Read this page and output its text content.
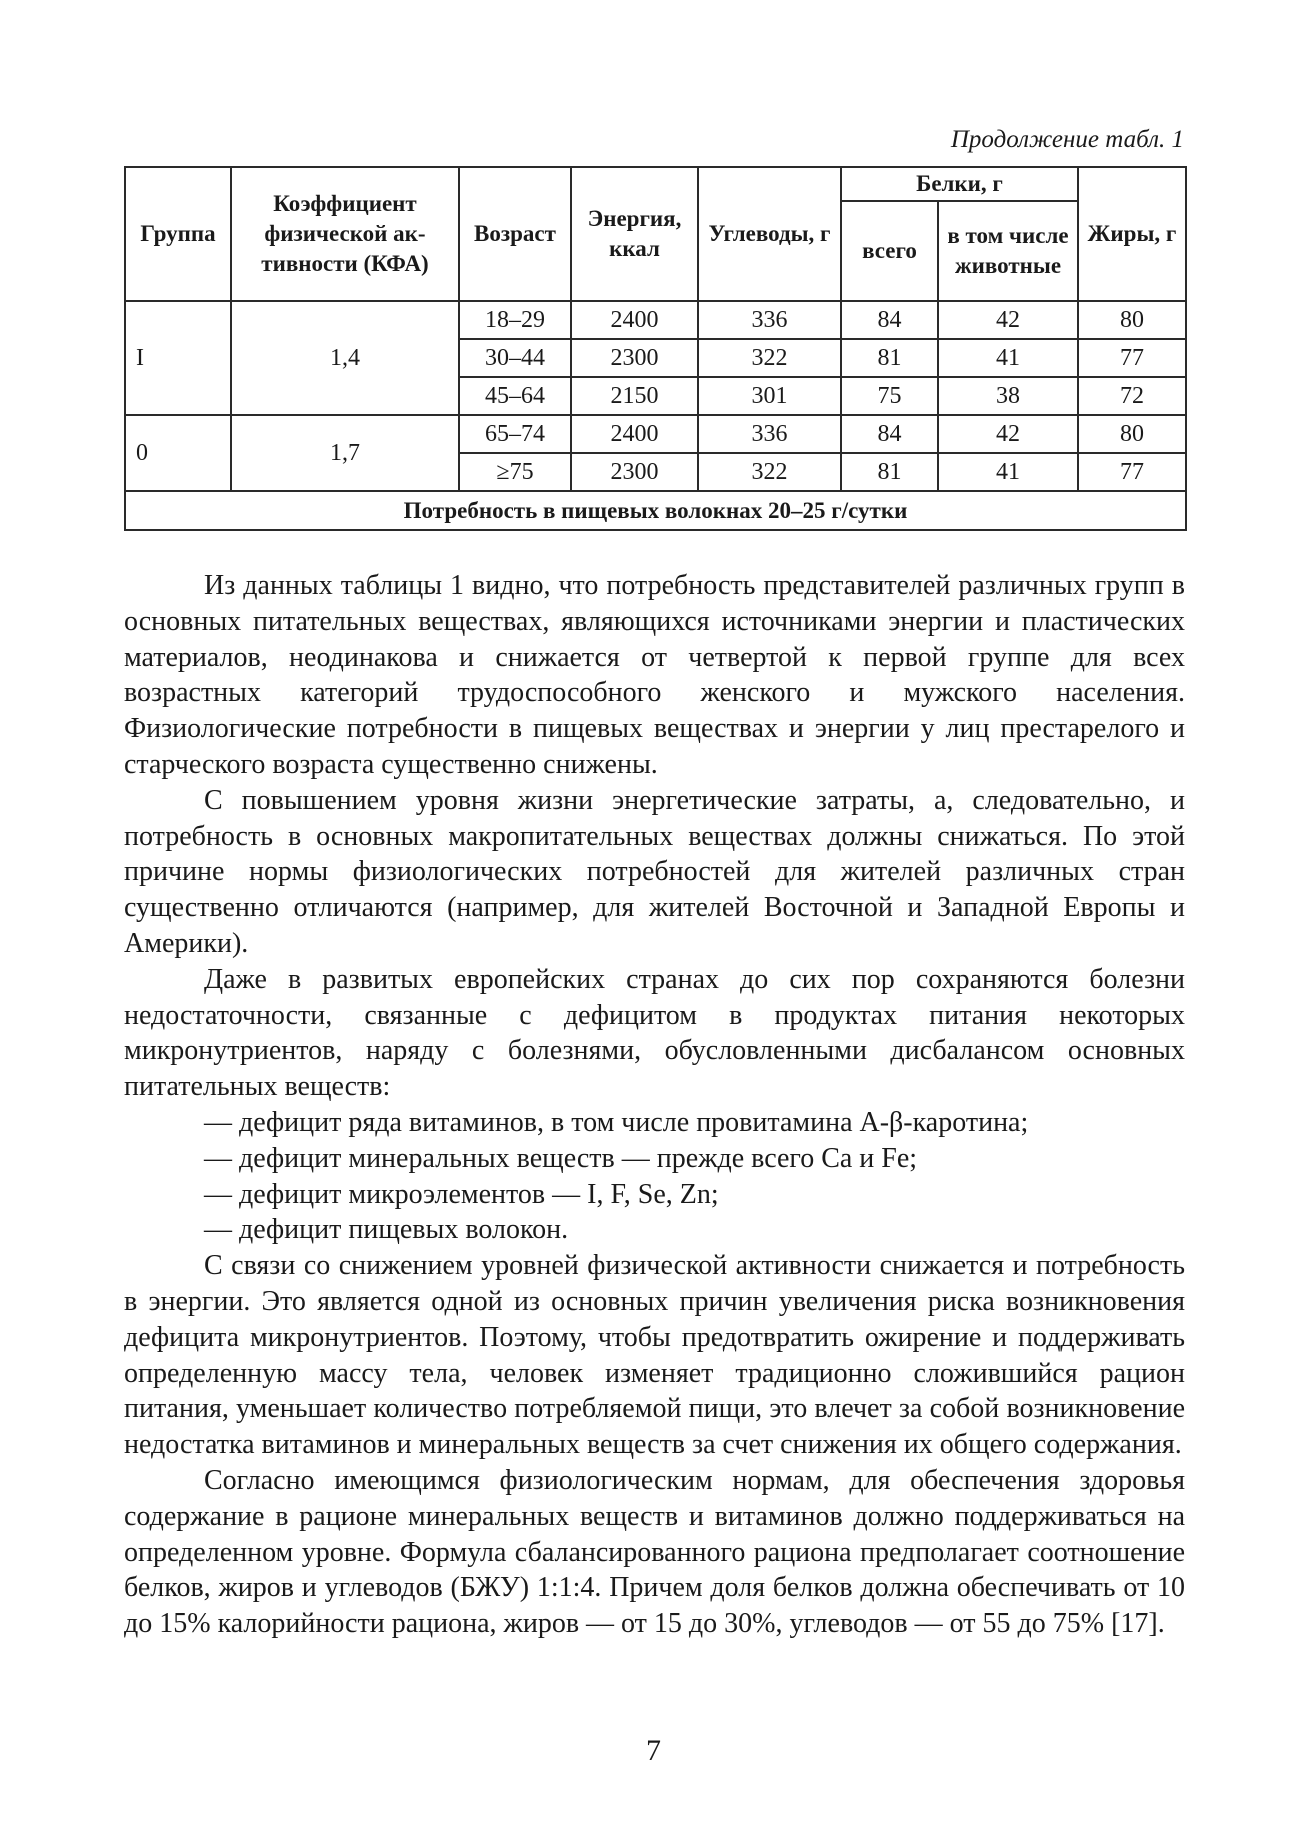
Продолжение табл. 1
Группа	Коэффициент физической ак-тивности (КФА)	Возраст	Энергия, ккал	Углеводы, г	Белки, г		Жиры, г
					всего	в том числе животные	
I	1,4	18–29	2400	336	84	42	80
		30–44	2300	322	81	41	77
		45–64	2150	301	75	38	72
0	1,7	65–74	2400	336	84	42	80
		≥75	2300	322	81	41	77
Потребность в пищевых волокнах 20–25 г/сутки							

Из данных таблицы 1 видно, что потребность представителей различных групп в основных питательных веществах, являющихся источниками энергии и пластических материалов, неодинакова и снижается от четвертой к первой группе для всех возрастных категорий трудоспособного женского и мужского населения. Физиологические потребности в пищевых веществах и энергии у лиц престарелого и старческого возраста существенно снижены.

С повышением уровня жизни энергетические затраты, а, следовательно, и потребность в основных макропитательных веществах должны снижаться. По этой причине нормы физиологических потребностей для жителей различных стран существенно отличаются (например, для жителей Восточной и Западной Европы и Америки).

Даже в развитых европейских странах до сих пор сохраняются болезни недостаточности, связанные с дефицитом в продуктах питания некоторых микронутриентов, наряду с болезнями, обусловленными дисбалансом основных питательных веществ:

— дефицит ряда витаминов, в том числе провитамина А-β-каротина;

— дефицит минеральных веществ — прежде всего Са и Fe;

— дефицит микроэлементов — I, F, Se, Zn;

— дефицит пищевых волокон.

С связи со снижением уровней физической активности снижается и потребность в энергии. Это является одной из основных причин увеличения риска возникновения дефицита микронутриентов. Поэтому, чтобы предотвратить ожирение и поддерживать определенную массу тела, человек изменяет традиционно сложившийся рацион питания, уменьшает количество потребляемой пищи, это влечет за собой возникновение недостатка витаминов и минеральных веществ за счет снижения их общего содержания.

Согласно имеющимся физиологическим нормам, для обеспечения здоровья содержание в рационе минеральных веществ и витаминов должно поддерживаться на определенном уровне. Формула сбалансированного рациона предполагает соотношение белков, жиров и углеводов (БЖУ) 1:1:4. Причем доля белков должна обеспечивать от 10 до 15% калорийности рациона, жиров — от 15 до 30%, углеводов — от 55 до 75% [17].

7
